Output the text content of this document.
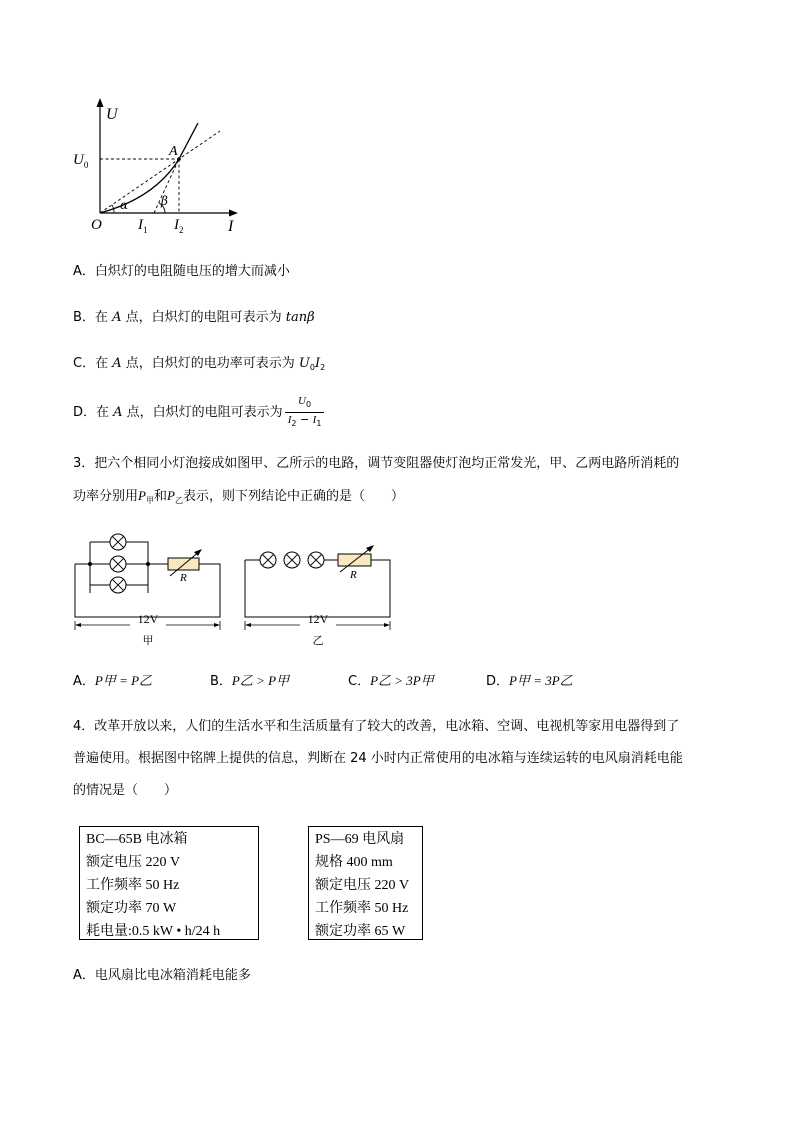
U
I
O
$U_0$
A
α	β
$I_1$ $I_2$
A．白炽灯的电阻随电压的增大而减小
B．在 A 点，白炽灯的电阻可表示为 tanβ
C．在 A 点，白炽灯的电功率可表示为 $U_0I_2$
D．在 A 点，白炽灯的电阻可表示为 $\frac{U_0}{I_2 - I_1}$
3．把六个相同小灯泡接成如图甲、乙所示的电路，调节变阻器使灯泡均正常发光，甲、乙两电路所消耗的
功率分别用$P_甲$和$P_乙$表示，则下列结论中正确的是（　　）
R
12V
甲
R
12V
乙
A．P甲 = P乙	B．P乙 > P甲	C．P乙 > 3P甲	D．P甲 = 3P乙
4．改革开放以来，人们的生活水平和生活质量有了较大的改善，电冰箱、空调、电视机等家用电器得到了
普遍使用。根据图中铭牌上提供的信息，判断在 24 小时内正常使用的电冰箱与连续运转的电风扇消耗电能
的情况是（　　）
BC—65B 电冰箱
额定电压 220 V
工作频率 50 Hz
额定功率 70 W
耗电量:0.5 kW • h/24 h
PS—69 电风扇
规格 400 mm
额定电压 220 V
工作频率 50 Hz
额定功率 65 W
A．电风扇比电冰箱消耗电能多
